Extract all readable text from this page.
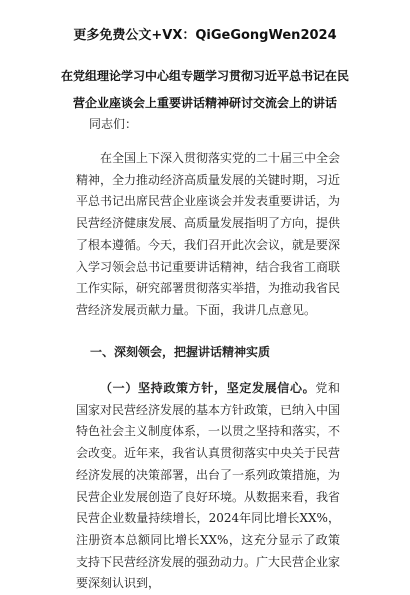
更多免费公文+VX：QiGeGongWen2024
在党组理论学习中心组专题学习贯彻习近平总书记在民营企业座谈会上重要讲话精神研讨交流会上的讲话
同志们：
在全国上下深入贯彻落实党的二十届三中全会精神，全力推动经济高质量发展的关键时期，习近平总书记出席民营企业座谈会并发表重要讲话，为民营经济健康发展、高质量发展指明了方向，提供了根本遵循。今天，我们召开此次会议，就是要深入学习领会总书记重要讲话精神，结合我省工商联工作实际，研究部署贯彻落实举措，为推动我省民营经济发展贡献力量。下面，我讲几点意见。
一、深刻领会，把握讲话精神实质
（一）坚持政策方针，坚定发展信心。党和国家对民营经济发展的基本方针政策，已纳入中国特色社会主义制度体系，一以贯之坚持和落实，不会改变。近年来，我省认真贯彻落实中央关于民营经济发展的决策部署，出台了一系列政策措施，为民营企业发展创造了良好环境。从数据来看，我省民营企业数量持续增长，2024年同比增长XX%，注册资本总额同比增长XX%，这充分显示了政策支持下民营经济发展的强劲动力。广大民营企业家要深刻认识到，
